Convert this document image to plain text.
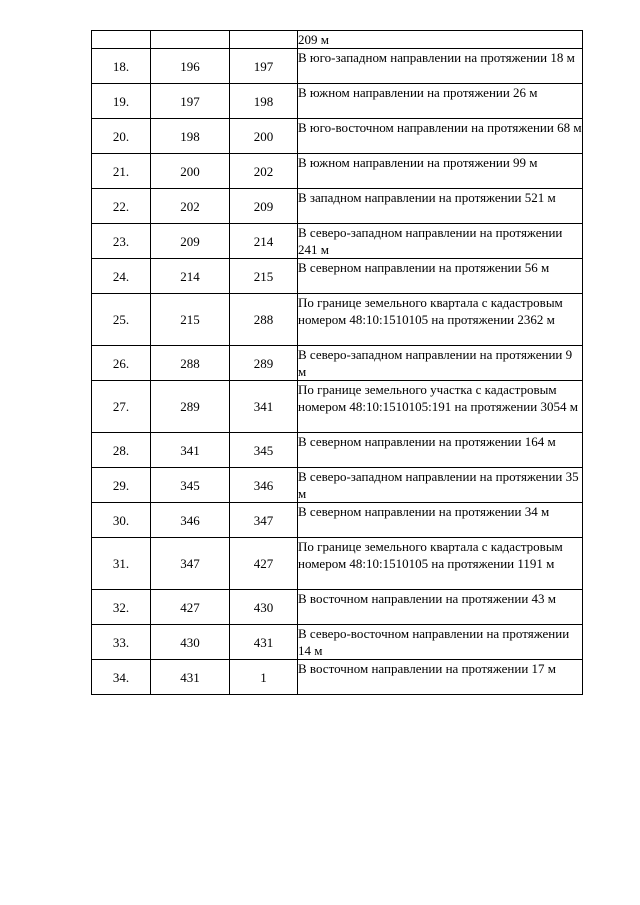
			209 м
18.	196	197	В юго-западном направлении на протяжении 18 м
19.	197	198	В южном направлении на протяжении 26 м
20.	198	200	В юго-восточном направлении на протяжении 68 м
21.	200	202	В южном направлении на протяжении 99 м
22.	202	209	В западном направлении на протяжении 521 м
23.	209	214	В северо-западном направлении на протяжении 241 м
24.	214	215	В северном направлении на протяжении 56 м
25.	215	288	По границе земельного квартала с кадастровым номером 48:10:1510105 на протяжении 2362 м
26.	288	289	В северо-западном направлении на протяжении 9 м
27.	289	341	По границе земельного участка с кадастровым номером 48:10:1510105:191 на протяжении 3054 м
28.	341	345	В северном направлении на протяжении 164 м
29.	345	346	В северо-западном направлении на протяжении 35 м
30.	346	347	В северном направлении на протяжении 34 м
31.	347	427	По границе земельного квартала с кадастровым номером 48:10:1510105 на протяжении 1191 м
32.	427	430	В восточном направлении на протяжении 43 м
33.	430	431	В северо-восточном направлении на протяжении 14 м
34.	431	1	В восточном направлении на протяжении 17 м
